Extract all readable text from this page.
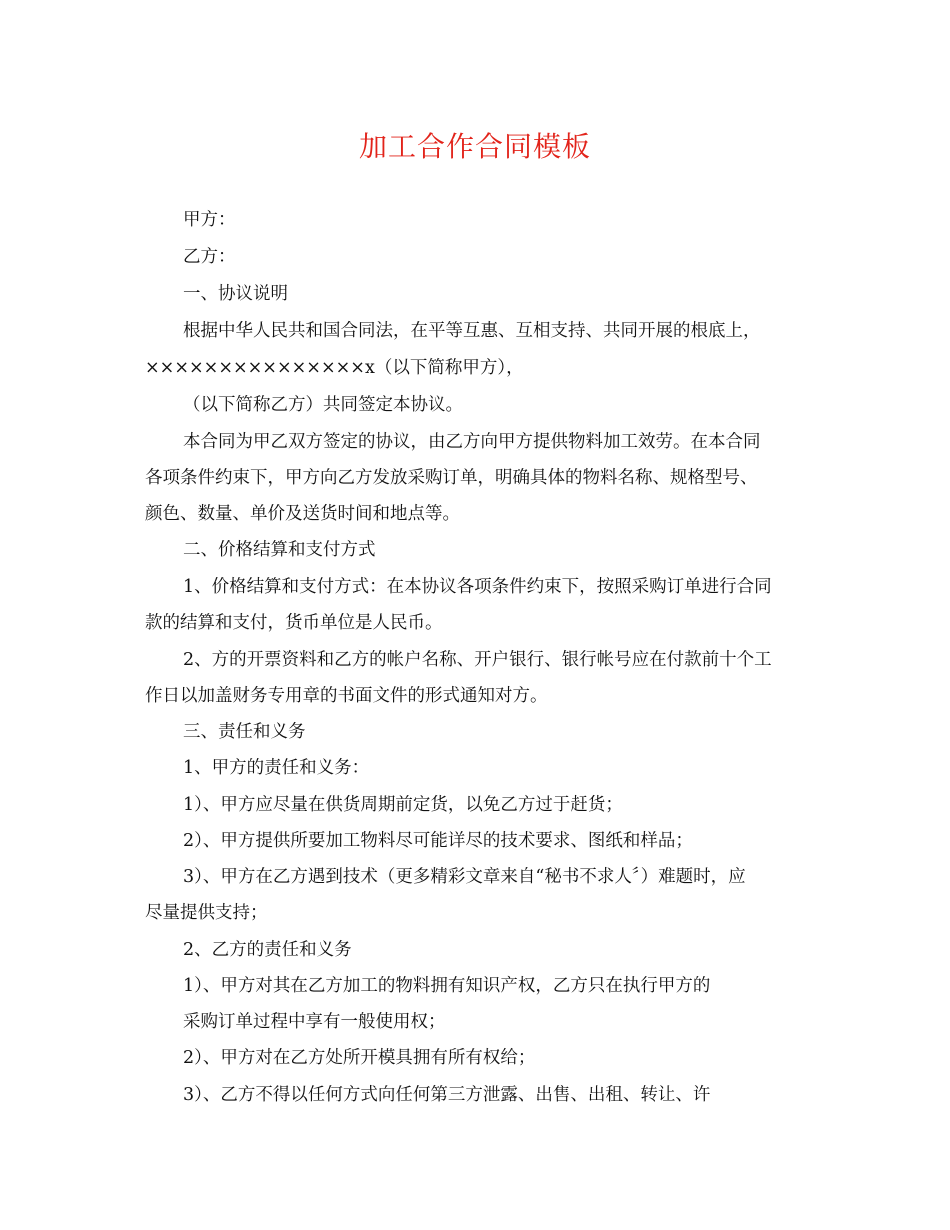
加工合作合同模板
甲方：
乙方：
一、协议说明
根据中华人民共和国合同法，在平等互惠、互相支持、共同开展的根底上，
×××××××××××××××x（以下简称甲方），
（以下简称乙方）共同签定本协议。
本合同为甲乙双方签定的协议，由乙方向甲方提供物料加工效劳。在本合同
各项条件约束下，甲方向乙方发放采购订单，明确具体的物料名称、规格型号、
颜色、数量、单价及送货时间和地点等。
二、价格结算和支付方式
1、价格结算和支付方式：在本协议各项条件约束下，按照采购订单进行合同
款的结算和支付，货币单位是人民币。
2、方的开票资料和乙方的帐户名称、开户银行、银行帐号应在付款前十个工
作日以加盖财务专用章的书面文件的形式通知对方。
三、责任和义务
1、甲方的责任和义务：
1）、甲方应尽量在供货周期前定货，以免乙方过于赶货；
2）、甲方提供所要加工物料尽可能详尽的技术要求、图纸和样品；
3）、甲方在乙方遇到技术（更多精彩文章来自“秘书不求人〞）难题时，应
尽量提供支持；
2、乙方的责任和义务
1）、甲方对其在乙方加工的物料拥有知识产权，乙方只在执行甲方的
采购订单过程中享有一般使用权；
2）、甲方对在乙方处所开模具拥有所有权给；
3）、乙方不得以任何方式向任何第三方泄露、出售、出租、转让、许
